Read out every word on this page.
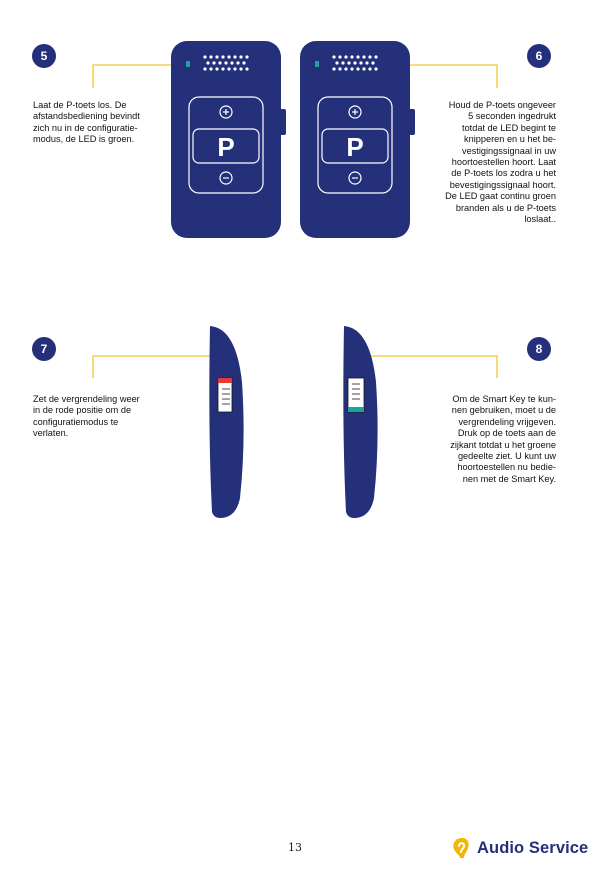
5
Laat de P-toets los. De
afstandsbediening bevindt
zich nu in de configuratie-
modus, de LED is groen.
6
Houd de P-toets ongeveer
5 seconden ingedrukt
totdat de LED begint te
knipperen en u het be-
vestigingssignaal in uw
hoortoestellen hoort. Laat
de P-toets los zodra u het
bevestigingssignaal hoort.
De LED gaat continu groen
branden als u de P-toets
loslaat..
7
Zet de vergrendeling weer
in de rode positie om de
configuratiemodus te
verlaten.
8
Om de Smart Key te kun-
nen gebruiken, moet u de
vergrendeling vrijgeven.
Druk op de toets aan de
zijkant totdat u het groene
gedeelte ziet. U kunt uw
hoortoestellen nu bedie-
nen met de Smart Key.
P	P
13	Audio Service
